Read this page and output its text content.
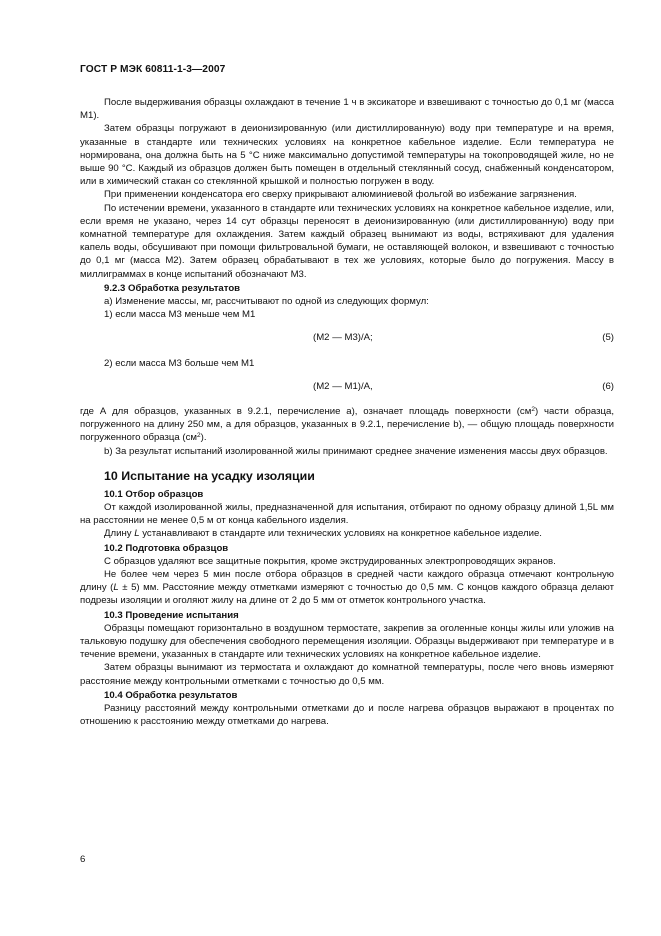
ГОСТ Р МЭК 60811-1-3—2007

После выдерживания образцы охлаждают в течение 1 ч в эксикаторе и взвешивают с точностью до 0,1 мг (масса М1).

Затем образцы погружают в деионизированную (или дистиллированную) воду при температуре и на время, указанные в стандарте или технических условиях на конкретное кабельное изделие. Если температура не нормирована, она должна быть на 5 °С ниже максимально допустимой температуры на токопроводящей жиле, но не выше 90 °С. Каждый из образцов должен быть помещен в отдельный стеклянный сосуд, снабженный конденсатором, или в химический стакан со стеклянной крышкой и полностью погружен в воду.

При применении конденсатора его сверху прикрывают алюминиевой фольгой во избежание загрязнения.

По истечении времени, указанного в стандарте или технических условиях на конкретное кабельное изделие, или, если время не указано, через 14 сут образцы переносят в деионизированную (или дистиллированную) воду при комнатной температуре для охлаждения. Затем каждый образец вынимают из воды, встряхивают для удаления капель воды, обсушивают при помощи фильтровальной бумаги, не оставляющей волокон, и взвешивают с точностью до 0,1 мг (масса М2). Затем образец обрабатывают в тех же условиях, которые было до погружения. Массу в миллиграммах в конце испытаний обозначают М3.

9.2.3 Обработка результатов

а) Изменение массы, мг, рассчитывают по одной из следующих формул:

1) если масса М3 меньше чем М1

(М2 — М3)/А;	(5)

2) если масса М3 больше чем М1

(М2 — М1)/А,	(6)

где А для образцов, указанных в 9.2.1, перечисление а), означает площадь поверхности $(см^2)$ части образца, погруженного на длину 250 мм, а для образцов, указанных в 9.2.1, перечисление b), — общую площадь поверхности погруженного образца $(см^2)$.

b) За результат испытаний изолированной жилы принимают среднее значение изменения массы двух образцов.

10 Испытание на усадку изоляции
10.1 Отбор образцов

От каждой изолированной жилы, предназначенной для испытания, отбирают по одному образцу длиной 1,5L мм на расстоянии не менее 0,5 м от конца кабельного изделия.

Длину L устанавливают в стандарте или технических условиях на конкретное кабельное изделие.

10.2 Подготовка образцов

С образцов удаляют все защитные покрытия, кроме экструдированных электропроводящих экранов.

Не более чем через 5 мин после отбора образцов в средней части каждого образца отмечают контрольную длину (L ± 5) мм. Расстояние между отметками измеряют с точностью до 0,5 мм. С концов каждого образца делают подрезы изоляции и оголяют жилу на длине от 2 до 5 мм от отметок контрольного участка.

10.3 Проведение испытания

Образцы помещают горизонтально в воздушном термостате, закрепив за оголенные концы жилы или уложив на тальковую подушку для обеспечения свободного перемещения изоляции. Образцы выдерживают при температуре и в течение времени, указанных в стандарте или технических условиях на конкретное кабельное изделие.

Затем образцы вынимают из термостата и охлаждают до комнатной температуры, после чего вновь измеряют расстояние между контрольными отметками с точностью до 0,5 мм.

10.4 Обработка результатов

Разницу расстояний между контрольными отметками до и после нагрева образцов выражают в процентах по отношению к расстоянию между отметками до нагрева.

6
